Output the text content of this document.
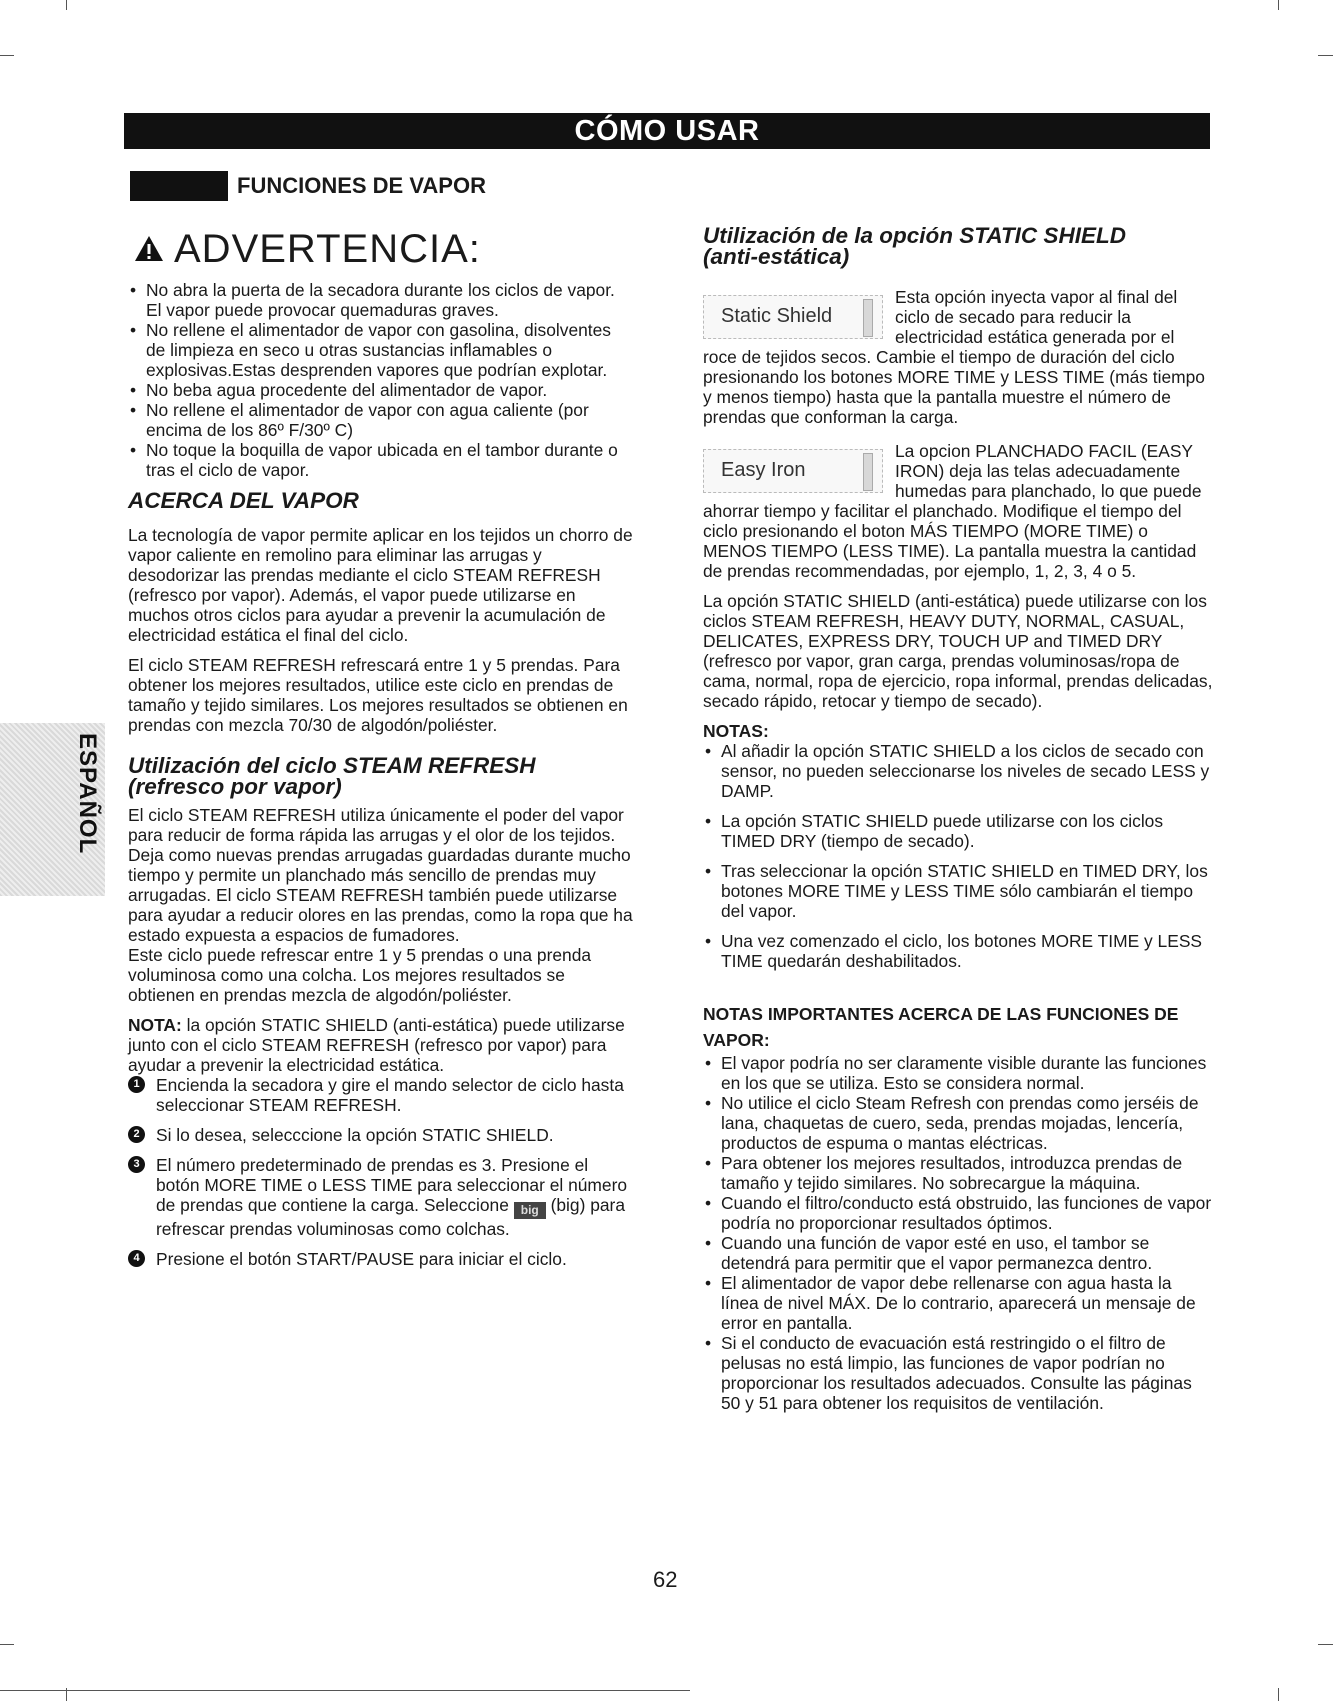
CÓMO USAR
FUNCIONES DE VAPOR
ADVERTENCIA:
• No abra la puerta de la secadora durante los ciclos de vapor. El vapor puede provocar quemaduras graves.
• No rellene el alimentador de vapor con gasolina, disolventes de limpieza en seco u otras sustancias inflamables o explosivas.Estas desprenden vapores que podrían explotar.
• No beba agua procedente del alimentador de vapor.
• No rellene el alimentador de vapor con agua caliente (por encima de los 86º F/30º C)
• No toque la boquilla de vapor ubicada en el tambor durante o tras el ciclo de vapor.
ACERCA DEL VAPOR

La tecnología de vapor permite aplicar en los tejidos un chorro de vapor caliente en remolino para eliminar las arrugas y desodorizar las prendas mediante el ciclo STEAM REFRESH (refresco por vapor). Además, el vapor puede utilizarse en muchos otros ciclos para ayudar a prevenir la acumulación de electricidad estática el final del ciclo.

El ciclo STEAM REFRESH refrescará entre 1 y 5 prendas. Para obtener los mejores resultados, utilice este ciclo en prendas de tamaño y tejido similares. Los mejores resultados se obtienen en prendas con mezcla 70/30 de algodón/poliéster.

Utilización del ciclo STEAM REFRESH
(refresco por vapor)

El ciclo STEAM REFRESH utiliza únicamente el poder del vapor para reducir de forma rápida las arrugas y el olor de los tejidos. Deja como nuevas prendas arrugadas guardadas durante mucho tiempo y permite un planchado más sencillo de prendas muy arrugadas. El ciclo STEAM REFRESH también puede utilizarse para ayudar a reducir olores en las prendas, como la ropa que ha estado expuesta a espacios de fumadores.

Este ciclo puede refrescar entre 1 y 5 prendas o una prenda voluminosa como una colcha. Los mejores resultados se obtienen en prendas mezcla de algodón/poliéster.

NOTA: la opción STATIC SHIELD (anti-estática) puede utilizarse junto con el ciclo STEAM REFRESH (refresco por vapor) para ayudar a prevenir la electricidad estática.

1 Encienda la secadora y gire el mando selector de ciclo hasta seleccionar STEAM REFRESH.
2 Si lo desea, selecccione la opción STATIC SHIELD.
3 El número predeterminado de prendas es 3. Presione el botón MORE TIME o LESS TIME para seleccionar el número de prendas que contiene la carga. Seleccione big (big) para refrescar prendas voluminosas como colchas.
4 Presione el botón START/PAUSE para iniciar el ciclo.
Utilización de la opción STATIC SHIELD
(anti-estática)
Static Shield

Esta opción inyecta vapor al final del ciclo de secado para reducir la electricidad estática generada por el roce de tejidos secos. Cambie el tiempo de duración del ciclo presionando los botones MORE TIME y LESS TIME (más tiempo y menos tiempo) hasta que la pantalla muestre el número de prendas que conforman la carga.

Easy Iron

La opcion PLANCHADO FACIL (EASY IRON) deja las telas adecuadamente humedas para planchado, lo que puede ahorrar tiempo y facilitar el planchado. Modifique el tiempo del ciclo presionando el boton MÁS TIEMPO (MORE TIME) o MENOS TIEMPO (LESS TIME). La pantalla muestra la cantidad de prendas recommendadas, por ejemplo, 1, 2, 3, 4 o 5.

La opción STATIC SHIELD (anti-estática) puede utilizarse con los ciclos STEAM REFRESH, HEAVY DUTY, NORMAL, CASUAL, DELICATES, EXPRESS DRY, TOUCH UP and TIMED DRY (refresco por vapor, gran carga, prendas voluminosas/ropa de cama, normal, ropa de ejercicio, ropa informal, prendas delicadas, secado rápido, retocar y tiempo de secado).

NOTAS:
• Al añadir la opción STATIC SHIELD a los ciclos de secado con sensor, no pueden seleccionarse los niveles de secado LESS y DAMP.
• La opción STATIC SHIELD puede utilizarse con los ciclos TIMED DRY (tiempo de secado).
• Tras seleccionar la opción STATIC SHIELD en TIMED DRY, los botones MORE TIME y LESS TIME sólo cambiarán el tiempo del vapor.
• Una vez comenzado el ciclo, los botones MORE TIME y LESS TIME quedarán deshabilitados.
NOTAS IMPORTANTES ACERCA DE LAS FUNCIONES DE VAPOR:
• El vapor podría no ser claramente visible durante las funciones en los que se utiliza. Esto se considera normal.
• No utilice el ciclo Steam Refresh con prendas como jerséis de lana, chaquetas de cuero, seda, prendas mojadas, lencería, productos de espuma o mantas eléctricas.
• Para obtener los mejores resultados, introduzca prendas de tamaño y tejido similares. No sobrecargue la máquina.
• Cuando el filtro/conducto está obstruido, las funciones de vapor podría no proporcionar resultados óptimos.
• Cuando una función de vapor esté en uso, el tambor se detendrá para permitir que el vapor permanezca dentro.
• El alimentador de vapor debe rellenarse con agua hasta la línea de nivel MÁX. De lo contrario, aparecerá un mensaje de error en pantalla.
• Si el conducto de evacuación está restringido o el filtro de pelusas no está limpio, las funciones de vapor podrían no proporcionar los resultados adecuados. Consulte las páginas 50 y 51 para obtener los requisitos de ventilación.
ESPAÑOL
62
